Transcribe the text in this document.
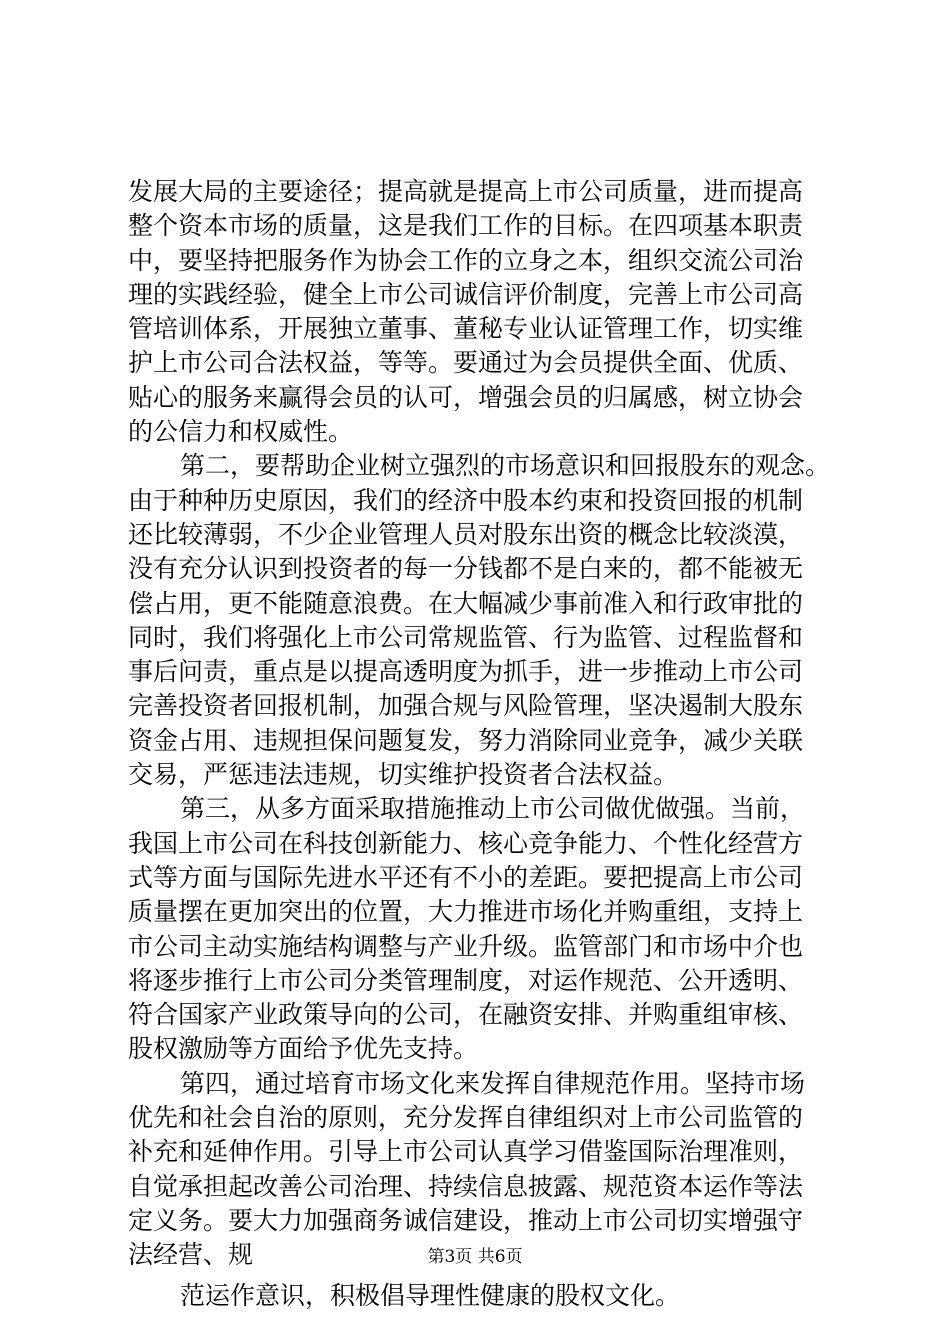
发展大局的主要途径；提高就是提高上市公司质量，进而提高
整个资本市场的质量，这是我们工作的目标。在四项基本职责
中，要坚持把服务作为协会工作的立身之本，组织交流公司治
理的实践经验，健全上市公司诚信评价制度，完善上市公司高
管培训体系，开展独立董事、董秘专业认证管理工作，切实维
护上市公司合法权益，等等。要通过为会员提供全面、优质、
贴心的服务来赢得会员的认可，增强会员的归属感，树立协会
的公信力和权威性。
第二，要帮助企业树立强烈的市场意识和回报股东的观念。
由于种种历史原因，我们的经济中股本约束和投资回报的机制
还比较薄弱，不少企业管理人员对股东出资的概念比较淡漠，
没有充分认识到投资者的每一分钱都不是白来的，都不能被无
偿占用，更不能随意浪费。在大幅减少事前准入和行政审批的
同时，我们将强化上市公司常规监管、行为监管、过程监督和
事后问责，重点是以提高透明度为抓手，进一步推动上市公司
完善投资者回报机制，加强合规与风险管理，坚决遏制大股东
资金占用、违规担保问题复发，努力消除同业竞争，减少关联
交易，严惩违法违规，切实维护投资者合法权益。
第三，从多方面采取措施推动上市公司做优做强。当前，
我国上市公司在科技创新能力、核心竞争能力、个性化经营方
式等方面与国际先进水平还有不小的差距。要把提高上市公司
质量摆在更加突出的位置，大力推进市场化并购重组，支持上
市公司主动实施结构调整与产业升级。监管部门和市场中介也
将逐步推行上市公司分类管理制度，对运作规范、公开透明、
符合国家产业政策导向的公司，在融资安排、并购重组审核、
股权激励等方面给予优先支持。
第四，通过培育市场文化来发挥自律规范作用。坚持市场
优先和社会自治的原则，充分发挥自律组织对上市公司监管的
补充和延伸作用。引导上市公司认真学习借鉴国际治理准则，
自觉承担起改善公司治理、持续信息披露、规范资本运作等法
定义务。要大力加强商务诚信建设，推动上市公司切实增强守
法经营、规
范运作意识，积极倡导理性健康的股权文化。
第3页 共6页
